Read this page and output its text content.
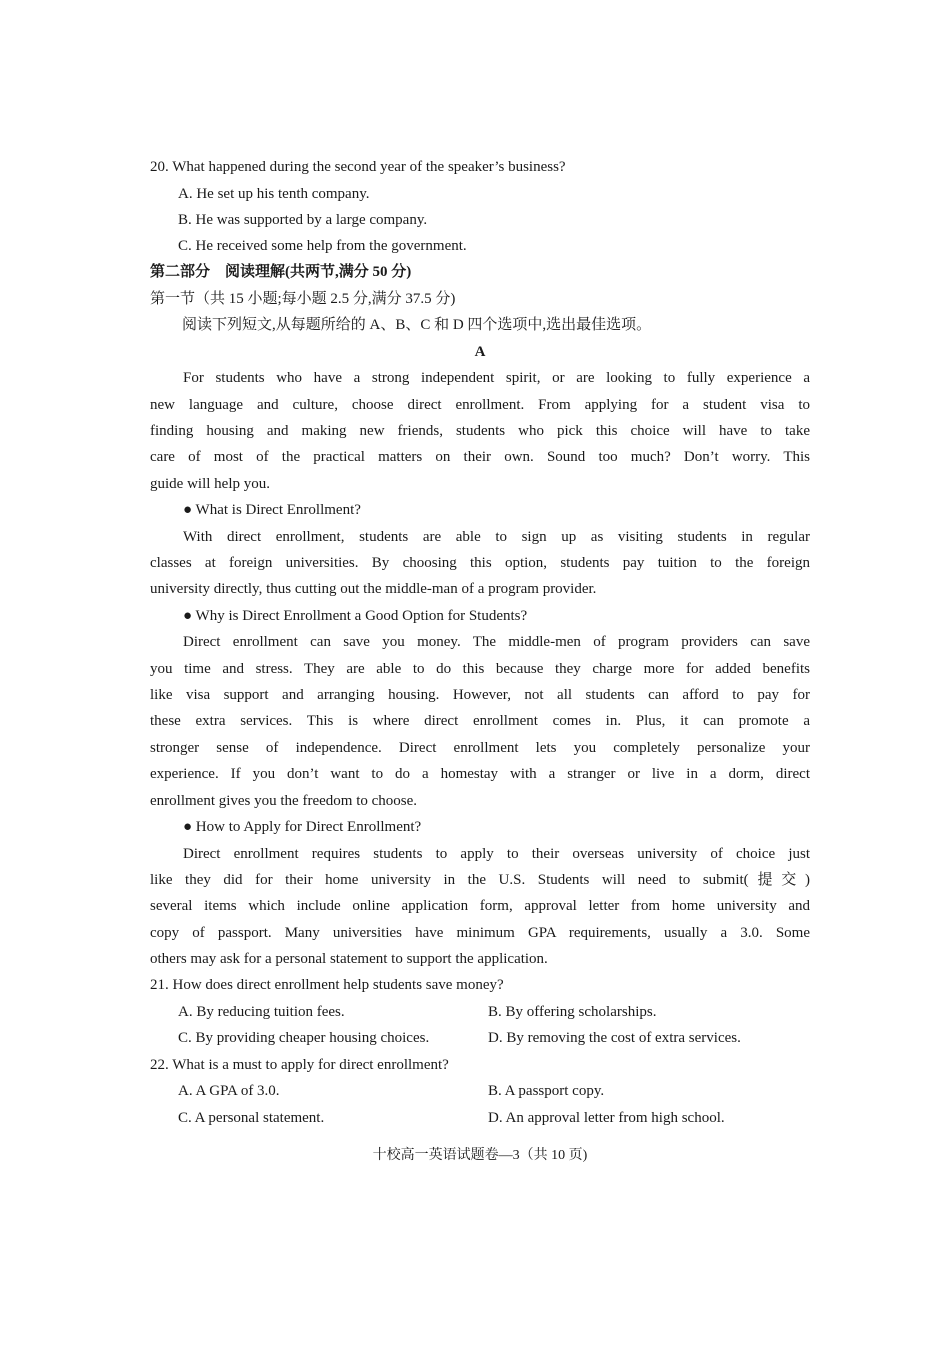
20. What happened during the second year of the speaker’s business?
A. He set up his tenth company.
B. He was supported by a large company.
C. He received some help from the government.
第二部分　阅读理解(共两节,满分 50 分)
第一节（共 15 小题;每小题 2.5 分,满分 37.5 分)
阅读下列短文,从每题所给的 A、B、C 和 D 四个选项中,选出最佳选项。
A
For students who have a strong independent spirit, or are looking to fully experience a
new language and culture, choose direct enrollment. From applying for a student visa to
finding housing and making new friends, students who pick this choice will have to take
care of most of the practical matters on their own. Sound too much? Don’t worry. This
guide will help you.
● What is Direct Enrollment?
With direct enrollment, students are able to sign up as visiting students in regular
classes at foreign universities. By choosing this option, students pay tuition to the foreign
university directly, thus cutting out the middle-man of a program provider.
● Why is Direct Enrollment a Good Option for Students?
Direct enrollment can save you money. The middle-men of program providers can save
you time and stress. They are able to do this because they charge more for added benefits
like visa support and arranging housing. However, not all students can afford to pay for
these extra services. This is where direct enrollment comes in. Plus, it can promote a
stronger sense of independence. Direct enrollment lets you completely personalize your
experience. If you don’t want to do a homestay with a stranger or live in a dorm, direct
enrollment gives you the freedom to choose.
● How to Apply for Direct Enrollment?
Direct enrollment requires students to apply to their overseas university of choice just
like they did for their home university in the U.S. Students will need to submit(提交)
several items which include online application form, approval letter from home university and
copy of passport. Many universities have minimum GPA requirements, usually a 3.0. Some
others may ask for a personal statement to support the application.
21. How does direct enrollment help students save money?
A. By reducing tuition fees.	B. By offering scholarships.
C. By providing cheaper housing choices.	D. By removing the cost of extra services.
22. What is a must to apply for direct enrollment?
A. A GPA of 3.0.	B. A passport copy.
C. A personal statement.	D. An approval letter from high school.
十校高一英语试题卷—3（共 10 页)
